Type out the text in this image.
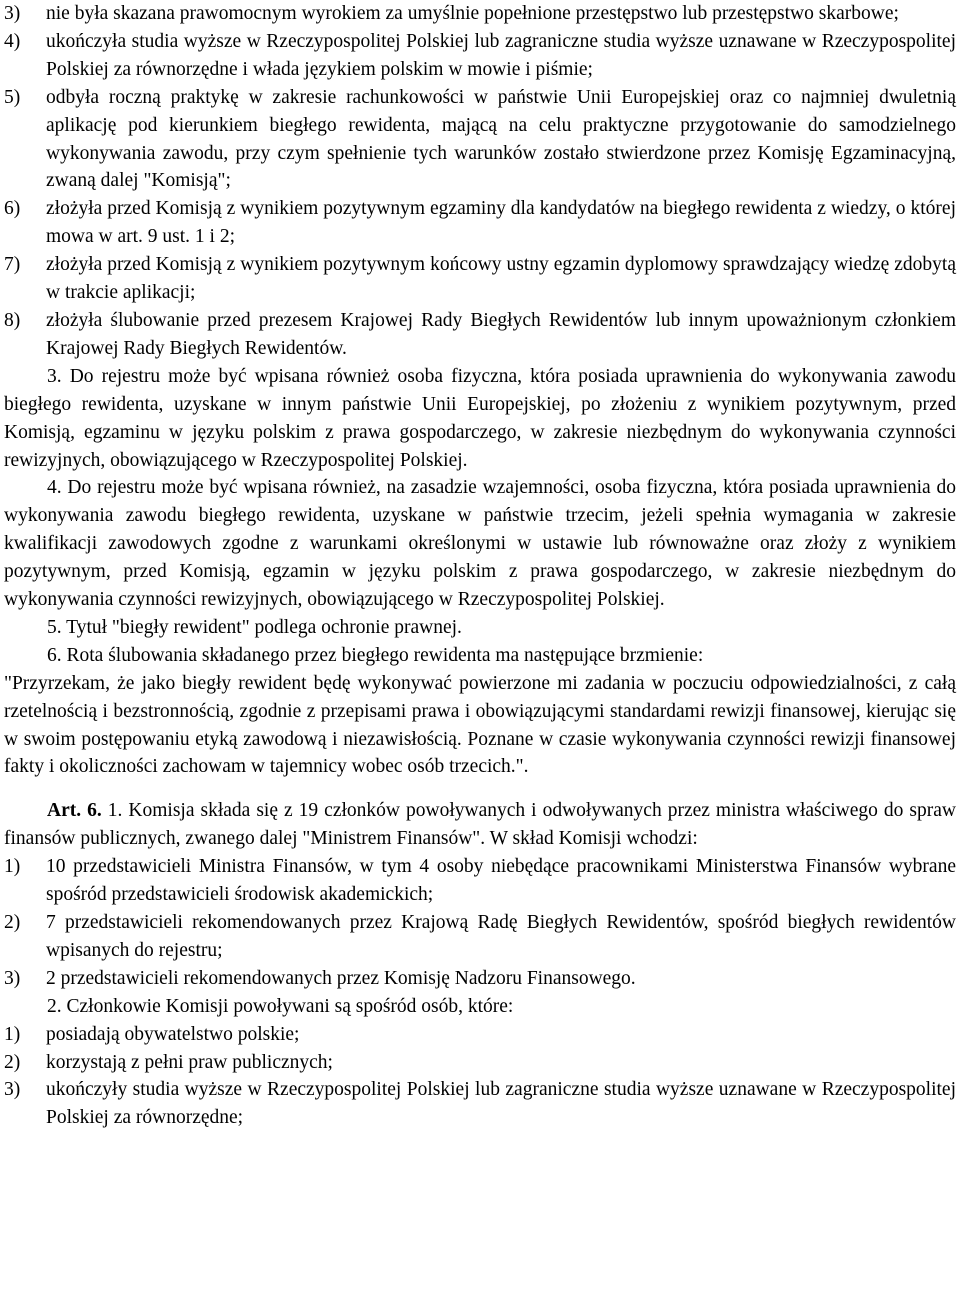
3)	nie była skazana prawomocnym wyrokiem za umyślnie popełnione przestępstwo lub przestępstwo skarbowe;
4)	ukończyła studia wyższe w Rzeczypospolitej Polskiej lub zagraniczne studia wyższe uznawane w Rzeczypospolitej Polskiej za równorzędne i włada językiem polskim w mowie i piśmie;
5)	odbyła roczną praktykę w zakresie rachunkowości w państwie Unii Europejskiej oraz co najmniej dwuletnią aplikację pod kierunkiem biegłego rewidenta, mającą na celu praktyczne przygotowanie do samodzielnego wykonywania zawodu, przy czym spełnienie tych warunków zostało stwierdzone przez Komisję Egzaminacyjną, zwaną dalej "Komisją";
6)	złożyła przed Komisją z wynikiem pozytywnym egzaminy dla kandydatów na biegłego rewidenta z wiedzy, o której mowa w art. 9 ust. 1 i 2;
7)	złożyła przed Komisją z wynikiem pozytywnym końcowy ustny egzamin dyplomowy sprawdzający wiedzę zdobytą w trakcie aplikacji;
8)	złożyła ślubowanie przed prezesem Krajowej Rady Biegłych Rewidentów lub innym upoważnionym członkiem Krajowej Rady Biegłych Rewidentów.

3. Do rejestru może być wpisana również osoba fizyczna, która posiada uprawnienia do wykonywania zawodu biegłego rewidenta, uzyskane w innym państwie Unii Europejskiej, po złożeniu z wynikiem pozytywnym, przed Komisją, egzaminu w języku polskim z prawa gospodarczego, w zakresie niezbędnym do wykonywania czynności rewizyjnych, obowiązującego w Rzeczypospolitej Polskiej.

4. Do rejestru może być wpisana również, na zasadzie wzajemności, osoba fizyczna, która posiada uprawnienia do wykonywania zawodu biegłego rewidenta, uzyskane w państwie trzecim, jeżeli spełnia wymagania w zakresie kwalifikacji zawodowych zgodne z warunkami określonymi w ustawie lub równoważne oraz złoży z wynikiem pozytywnym, przed Komisją, egzamin w języku polskim z prawa gospodarczego, w zakresie niezbędnym do wykonywania czynności rewizyjnych, obowiązującego w Rzeczypospolitej Polskiej.

5. Tytuł "biegły rewident" podlega ochronie prawnej.

6. Rota ślubowania składanego przez biegłego rewidenta ma następujące brzmienie:

"Przyrzekam, że jako biegły rewident będę wykonywać powierzone mi zadania w poczuciu odpowiedzialności, z całą rzetelnością i bezstronnością, zgodnie z przepisami prawa i obowiązującymi standardami rewizji finansowej, kierując się w swoim postępowaniu etyką zawodową i niezawisłością. Poznane w czasie wykonywania czynności rewizji finansowej fakty i okoliczności zachowam w tajemnicy wobec osób trzecich.".

Art. 6. 1. Komisja składa się z 19 członków powoływanych i odwoływanych przez ministra właściwego do spraw finansów publicznych, zwanego dalej "Ministrem Finansów". W skład Komisji wchodzi:

1)	10 przedstawicieli Ministra Finansów, w tym 4 osoby niebędące pracownikami Ministerstwa Finansów wybrane spośród przedstawicieli środowisk akademickich;
2)	7 przedstawicieli rekomendowanych przez Krajową Radę Biegłych Rewidentów, spośród biegłych rewidentów wpisanych do rejestru;
3)	2 przedstawicieli rekomendowanych przez Komisję Nadzoru Finansowego.

2. Członkowie Komisji powoływani są spośród osób, które:

1)	posiadają obywatelstwo polskie;
2)	korzystają z pełni praw publicznych;
3)	ukończyły studia wyższe w Rzeczypospolitej Polskiej lub zagraniczne studia wyższe uznawane w Rzeczypospolitej Polskiej za równorzędne;
